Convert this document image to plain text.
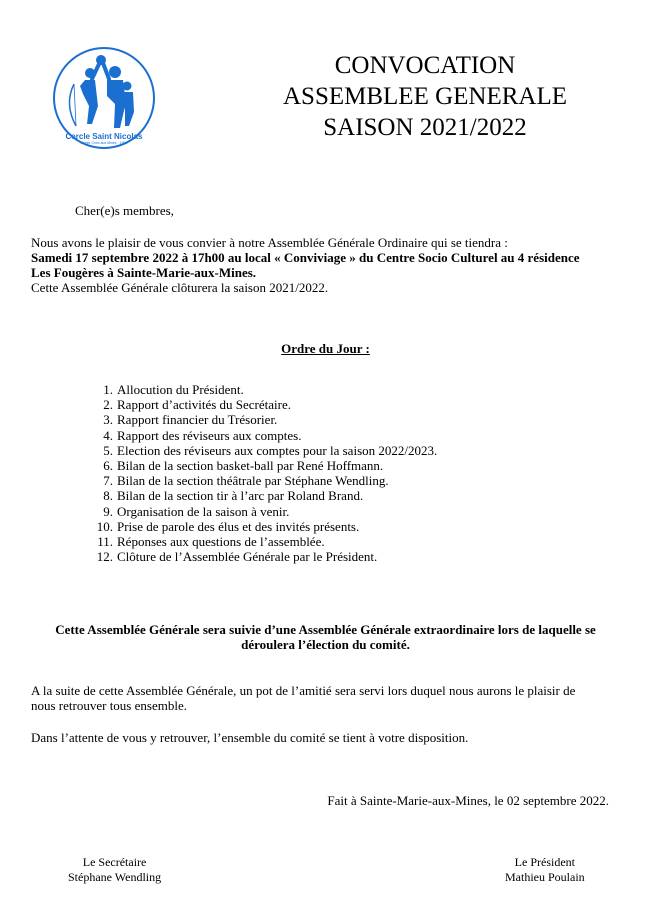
Cercle Saint Nicolas
Sainte Croix aux Mines · 1999
CONVOCATION
ASSEMBLEE GENERALE
SAISON 2021/2022
Cher(e)s membres,
Nous avons le plaisir de vous convier à notre Assemblée Générale Ordinaire qui se tiendra :
Samedi 17 septembre 2022 à 17h00 au local « Conviviage » du Centre Socio Culturel au 4 résidence
Les Fougères à Sainte-Marie-aux-Mines.
Cette Assemblée Générale clôturera la saison 2021/2022.
Ordre du Jour :
1. Allocution du Président.
2. Rapport d’activités du Secrétaire.
3. Rapport financier du Trésorier.
4. Rapport des réviseurs aux comptes.
5. Election des réviseurs aux comptes pour la saison 2022/2023.
6. Bilan de la section basket-ball par René Hoffmann.
7. Bilan de la section théâtrale par Stéphane Wendling.
8. Bilan de la section tir à l’arc par Roland Brand.
9. Organisation de la saison à venir.
10. Prise de parole des élus et des invités présents.
11. Réponses aux questions de l’assemblée.
12. Clôture de l’Assemblée Générale par le Président.
Cette Assemblée Générale sera suivie d’une Assemblée Générale extraordinaire lors de laquelle se
déroulera l’élection du comité.
A la suite de cette Assemblée Générale, un pot de l’amitié sera servi lors duquel nous aurons le plaisir de
nous retrouver tous ensemble.
Dans l’attente de vous y retrouver, l’ensemble du comité se tient à votre disposition.
Fait à Sainte-Marie-aux-Mines, le 02 septembre 2022.
Le Secrétaire
Stéphane Wendling
Le Président
Mathieu Poulain
